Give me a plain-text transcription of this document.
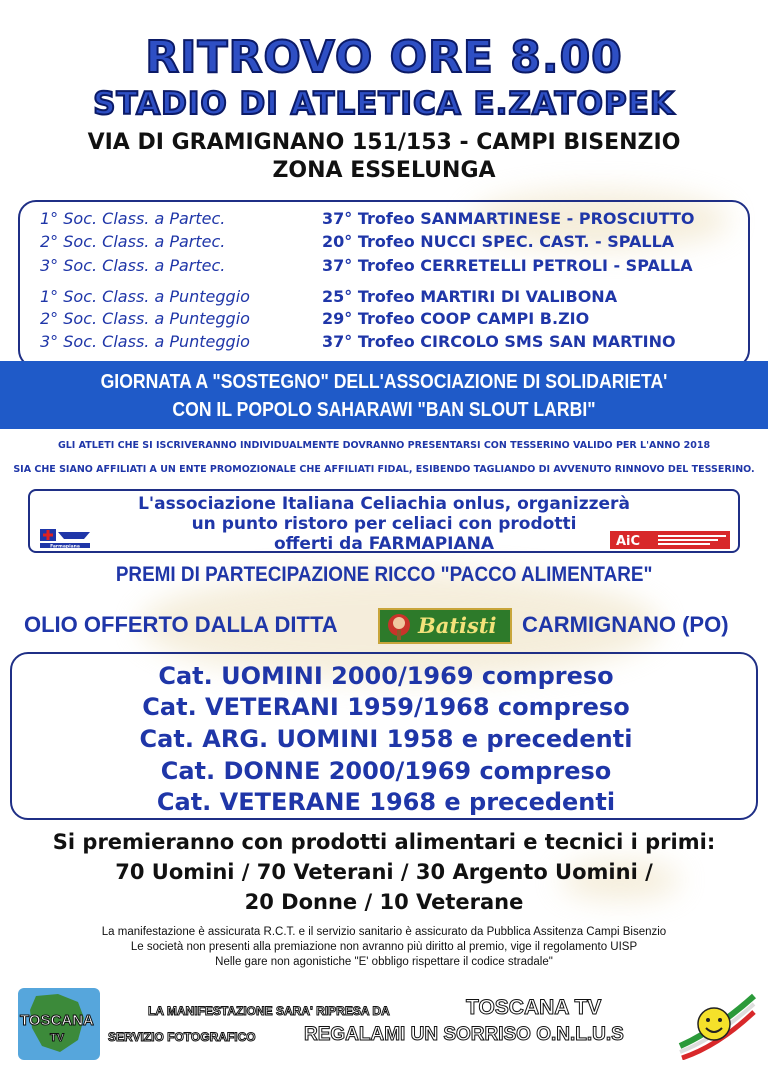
RITROVO ORE 8.00
STADIO DI ATLETICA E.ZATOPEK
VIA DI GRAMIGNANO 151/153 - CAMPI BISENZIO
ZONA ESSELUNGA
1° Soc. Class. a Partec.	37° Trofeo SANMARTINESE - PROSCIUTTO
2° Soc. Class. a Partec.	20° Trofeo NUCCI SPEC. CAST. - SPALLA
3° Soc. Class. a Partec.	37° Trofeo CERRETELLI PETROLI - SPALLA
1° Soc. Class. a Punteggio	25° Trofeo MARTIRI DI VALIBONA
2° Soc. Class. a Punteggio	29° Trofeo COOP CAMPI B.ZIO
3° Soc. Class. a Punteggio	37° Trofeo CIRCOLO SMS SAN MARTINO
GIORNATA A "SOSTEGNO" DELL'ASSOCIAZIONE DI SOLIDARIETA'
CON IL POPOLO SAHARAWI "BAN SLOUT LARBI"
GLI ATLETI CHE SI ISCRIVERANNO INDIVIDUALMENTE DOVRANNO PRESENTARSI CON TESSERINO VALIDO PER L'ANNO 2018
SIA CHE SIANO AFFILIATI A UN ENTE PROMOZIONALE CHE AFFILIATI FIDAL, ESIBENDO TAGLIANDO DI AVVENUTO RINNOVO DEL TESSERINO.
L'associazione Italiana Celiachia onlus, organizzerà
un punto ristoro per celiaci con prodotti
offerti da FARMAPIANA
Farmapiana	AiC
PREMI DI PARTECIPAZIONE RICCO "PACCO ALIMENTARE"
OLIO OFFERTO DALLA DITTA	Batisti CARMIGNANO (PO)
Cat. UOMINI 2000/1969 compreso
Cat. VETERANI 1959/1968 compreso
Cat. ARG. UOMINI 1958 e precedenti
Cat. DONNE 2000/1969 compreso
Cat. VETERANE 1968 e precedenti
Si premieranno con prodotti alimentari e tecnici i primi:
70 Uomini / 70 Veterani / 30 Argento Uomini /
20 Donne / 10 Veterane
La manifestazione è assicurata R.C.T. e il servizio sanitario è assicurato da Pubblica Assitenza Campi Bisenzio
Le società non presenti alla premiazione non avranno più diritto al premio, vige il regolamento UISP
Nelle gare non agonistiche "E' obbligo rispettare il codice stradale"
TOSCANA
TV
LA MANIFESTAZIONE SARA' RIPRESA DA	TOSCANA TV
SERVIZIO FOTOGRAFICO	REGALAMI UN SORRISO O.N.L.U.S
